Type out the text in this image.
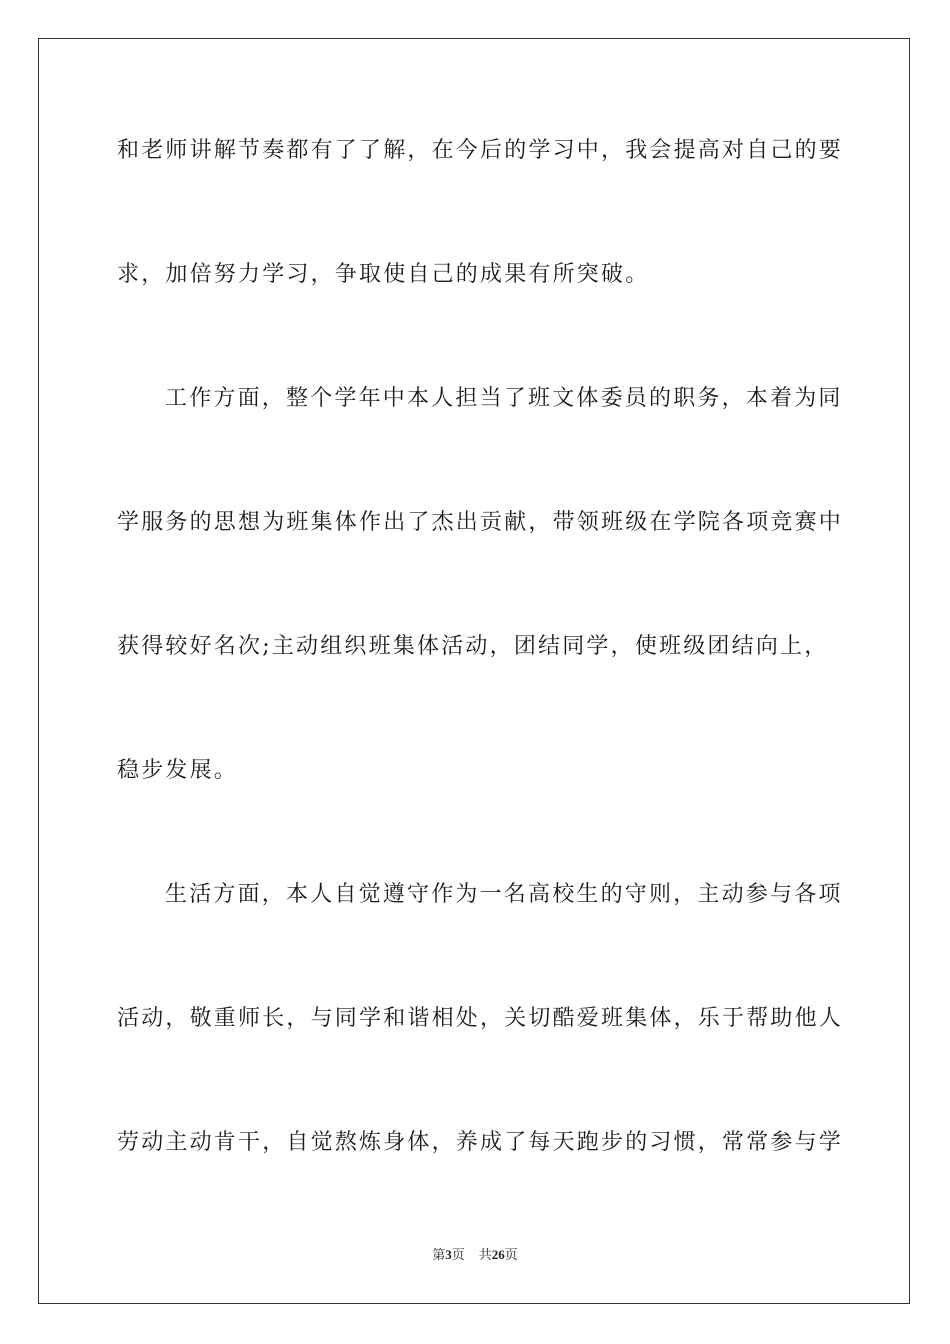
和老师讲解节奏都有了了解，在今后的学习中，我会提高对自己的要
求，加倍努力学习，争取使自己的成果有所突破。
工作方面，整个学年中本人担当了班文体委员的职务，本着为同
学服务的思想为班集体作出了杰出贡献，带领班级在学院各项竞赛中
获得较好名次;主动组织班集体活动，团结同学，使班级团结向上，
稳步发展。
生活方面，本人自觉遵守作为一名高校生的守则，主动参与各项
活动，敬重师长，与同学和谐相处，关切酷爱班集体，乐于帮助他人
劳动主动肯干，自觉熬炼身体，养成了每天跑步的习惯，常常参与学
第3页 共26页
